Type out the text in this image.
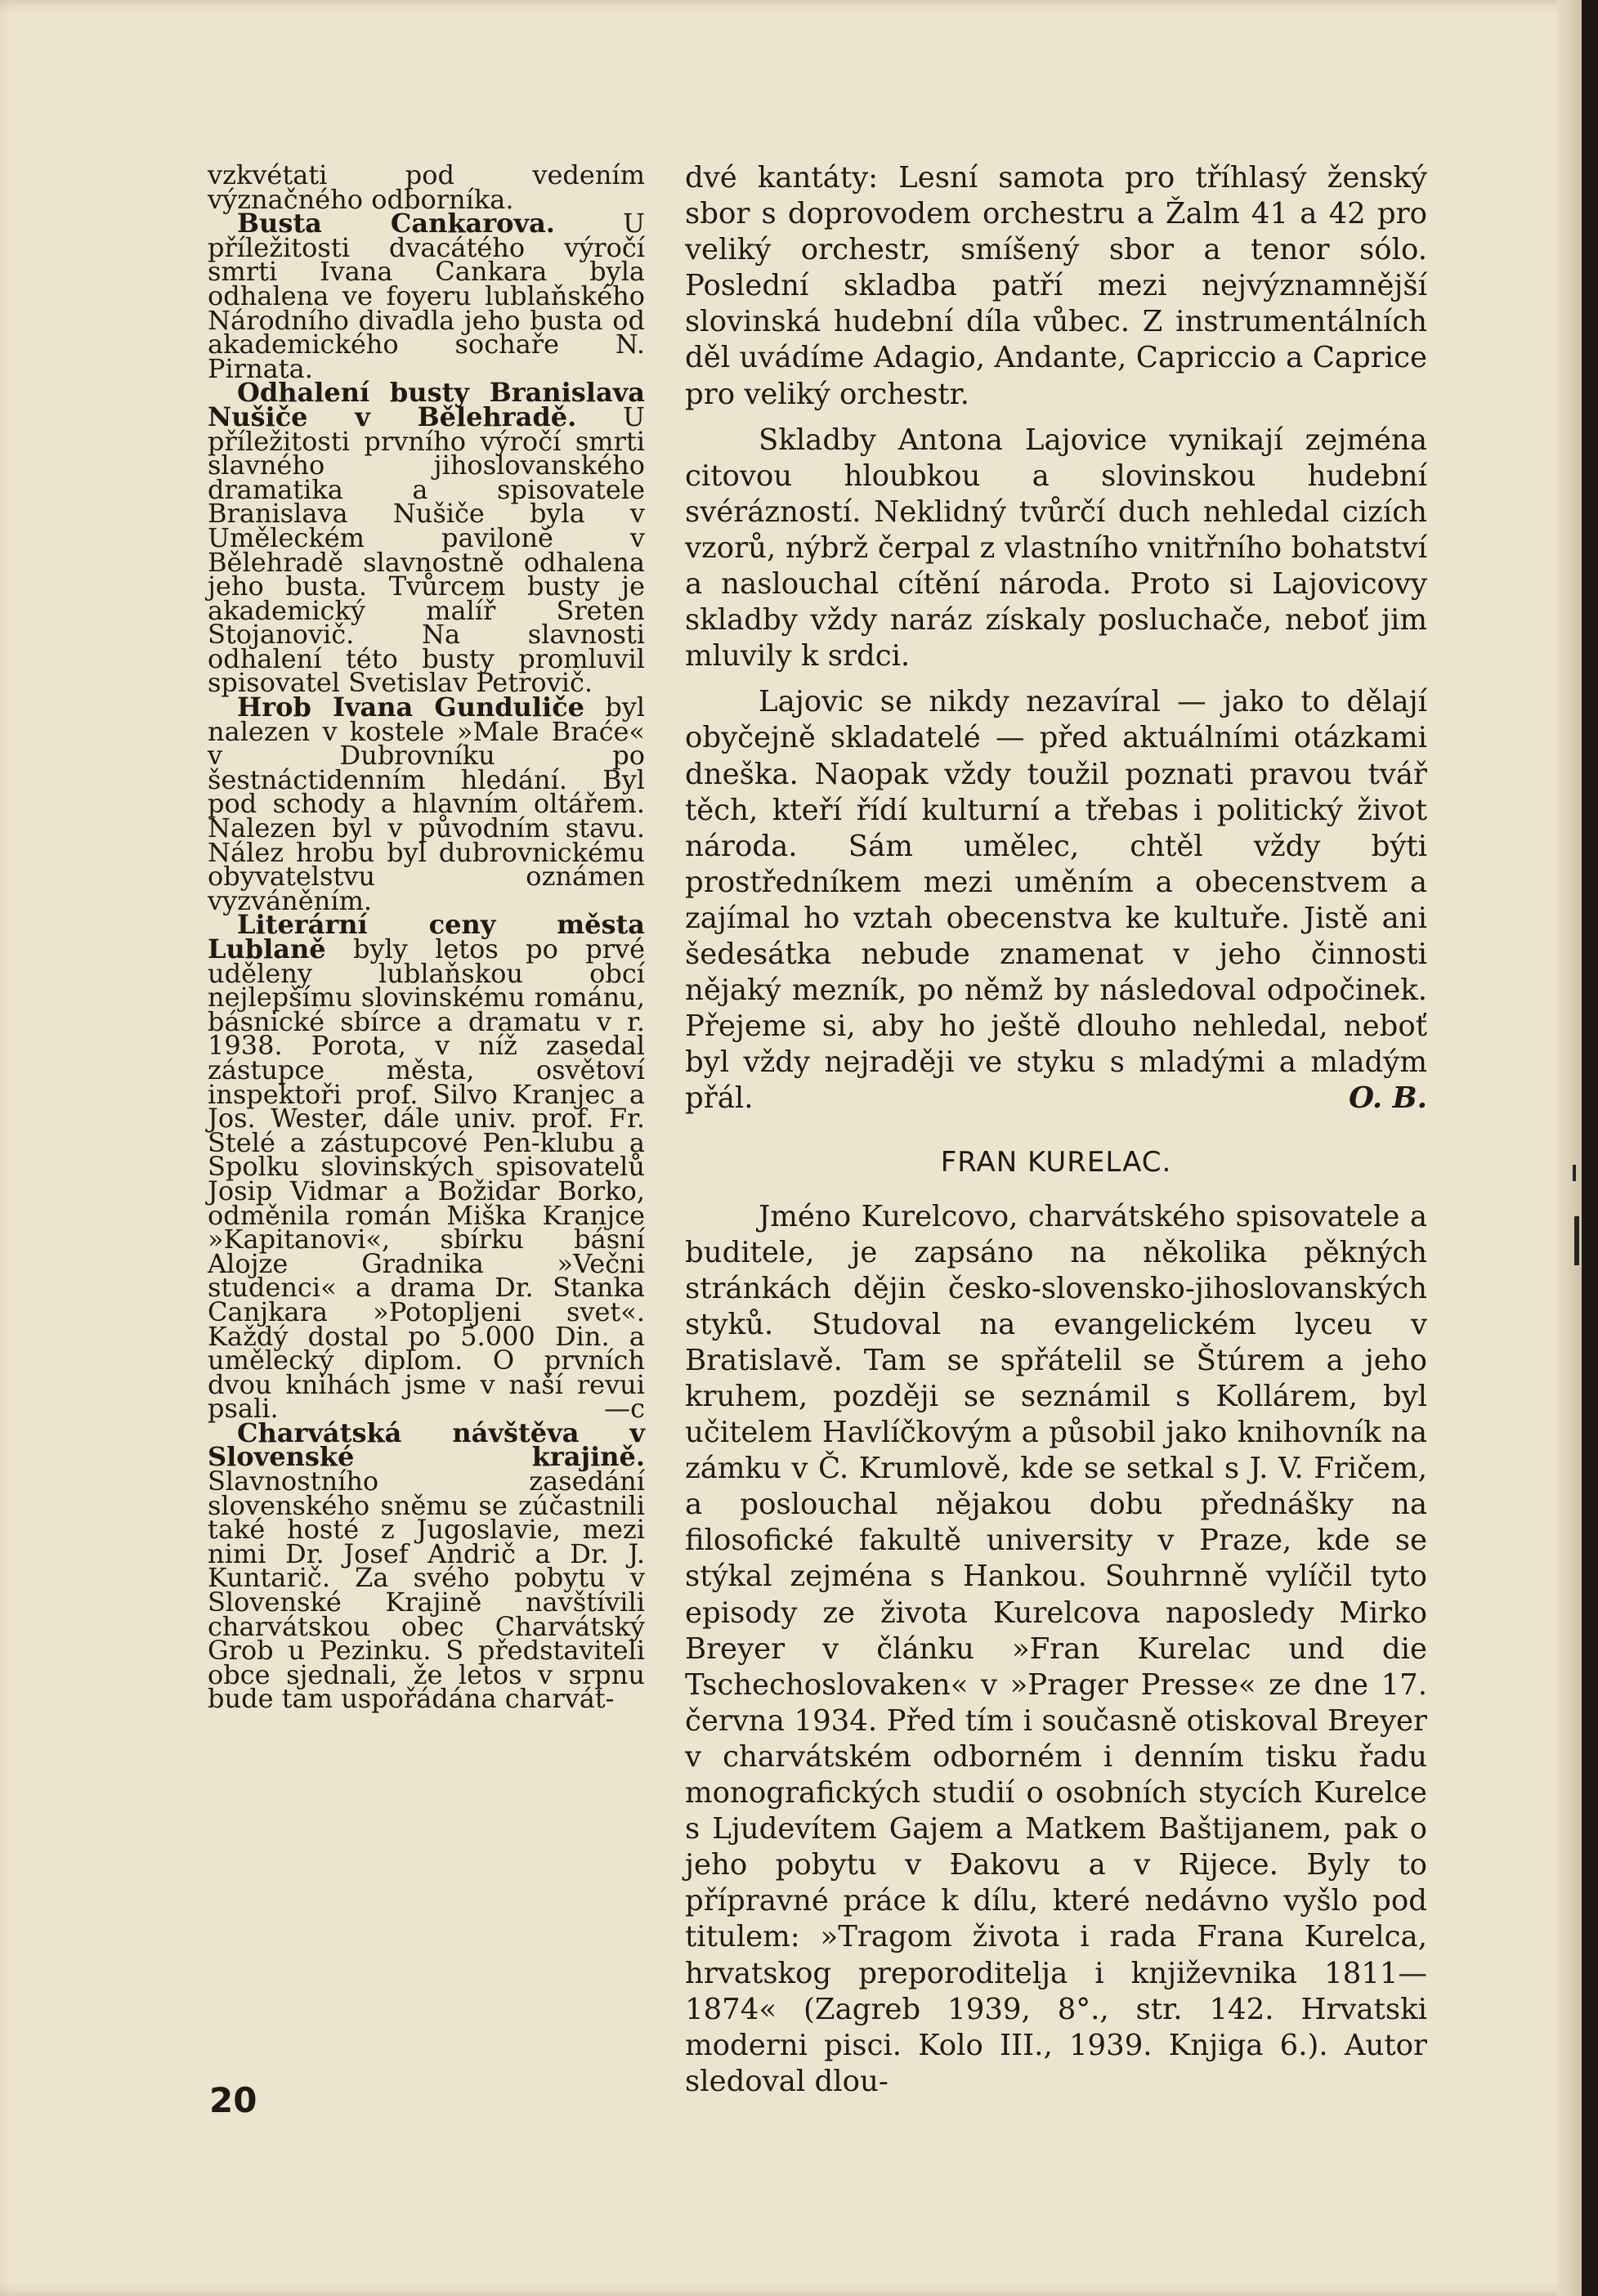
vzkvétati pod vedením význačného odborníka.

Busta Cankarova. U příležitosti dvacátého výročí smrti Ivana Cankara byla odhalena ve foyeru lublaňského Národního divadla jeho busta od akademického sochaře N. Pirnata.

Odhalení busty Branislava Nušiče v Bělehradě. U příležitosti prvního výročí smrti slavného jihoslovanského dramatika a spisovatele Branislava Nušiče byla v Uměleckém pavilonĕ v Bělehradě slavnostně odhalena jeho busta. Tvůrcem busty je akademický malíř Sreten Stojanovič. Na slavnosti odhalení této busty promluvil spisovatel Svetislav Petrovič.

Hrob Ivana Gunduliče byl nalezen v kostele »Male Braće« v Dubrovníku po šestnáctidenním hledání. Byl pod schody a hlavním oltářem. Nalezen byl v původním stavu. Nález hrobu byl dubrovnickému obyvatelstvu oznámen vyzváněním.

Literární ceny města Lublaně byly letos po prvé uděleny lublaňskou obcí nejlepšímu slovinskému románu, básnické sbírce a dramatu v r. 1938. Porota, v níž zasedal zástupce města, osvětoví inspektoři prof. Silvo Kranjec a Jos. Wester, dále univ. prof. Fr. Stelé a zástupcové Pen-klubu a Spolku slovinských spisovatelů Josip Vidmar a Božidar Borko, odměnila román Miška Kranjce »Kapitanovi«, sbírku básní Alojze Gradnika »Večni studenci« a drama Dr. Stanka Canjkara »Potopljeni svet«. Každý dostal po 5.000 Din. a umělecký diplom. O prvních dvou knihách jsme v naší revui psali.	—c

Charvátská návštěva v Slovenské krajině. Slavnostního zasedání slovenského sněmu se zúčastnili také hosté z Jugoslavie, mezi nimi Dr. Josef Andrič a Dr. J. Kuntarič. Za svého pobytu v Slovenské Krajině navštívili charvátskou obec Charvátský Grob u Pezinku. S představiteli obce sjednali, že letos v srpnu bude tam uspořádána charvát-

dvé kantáty: Lesní samota pro tříhlasý ženský sbor s doprovodem orchestru a Žalm 41 a 42 pro veliký orchestr, smíšený sbor a tenor sólo. Poslední skladba patří mezi nejvýznamnější slovinská hudební díla vůbec. Z instrumentálních děl uvádíme Adagio, Andante, Capriccio a Caprice pro veliký orchestr.

Skladby Antona Lajovice vynikají zejména citovou hloubkou a slovinskou hudební svérázností. Neklidný tvůrčí duch nehledal cizích vzorů, nýbrž čerpal z vlastního vnitřního bohatství a naslouchal cítění národa. Proto si Lajovicovy skladby vždy naráz získaly posluchače, neboť jim mluvily k srdci.

Lajovic se nikdy nezavíral — jako to dělají obyčejně skladatelé — před aktuálními otázkami dneška. Naopak vždy toužil poznati pravou tvář těch, kteří řídí kulturní a třebas i politický život národa. Sám umělec, chtěl vždy býti prostředníkem mezi uměním a obecenstvem a zajímal ho vztah obecenstva ke kultuře. Jistě ani šedesátka nebude znamenat v jeho činnosti nějaký mezník, po němž by následoval odpočinek. Přejeme si, aby ho ještě dlouho nehledal, neboť byl vždy nejraději ve styku s mladými a mladým přál.	O. B.

FRAN KURELAC.

Jméno Kurelcovo, charvátského spisovatele a buditele, je zapsáno na několika pěkných stránkách dějin česko-slovensko-jihoslovanských styků. Studoval na evangelickém lyceu v Bratislavě. Tam se spřátelil se Štúrem a jeho kruhem, později se seznámil s Kollárem, byl učitelem Havlíčkovým a působil jako knihovník na zámku v Č. Krumlově, kde se setkal s J. V. Fričem, a poslouchal nějakou dobu přednášky na filosofické fakultě university v Praze, kde se stýkal zejména s Hankou. Souhrnně vylíčil tyto episody ze života Kurelcova naposledy Mirko Breyer v článku »Fran Kurelac und die Tschechoslovaken« v »Prager Presse« ze dne 17. června 1934. Před tím i současně otiskoval Breyer v charvátském odborném i denním tisku řadu monografických studií o osobních stycích Kurelce s Ljudevítem Gajem a Matkem Baštijanem, pak o jeho pobytu v Đakovu a v Rijece. Byly to přípravné práce k dílu, které nedávno vyšlo pod titulem: »Tragom života i rada Frana Kurelca, hrvatskog preporoditelja i književnika 1811—1874« (Zagreb 1939, 8°., str. 142. Hrvatski moderni pisci. Kolo III., 1939. Knjiga 6.). Autor sledoval dlou-

20
